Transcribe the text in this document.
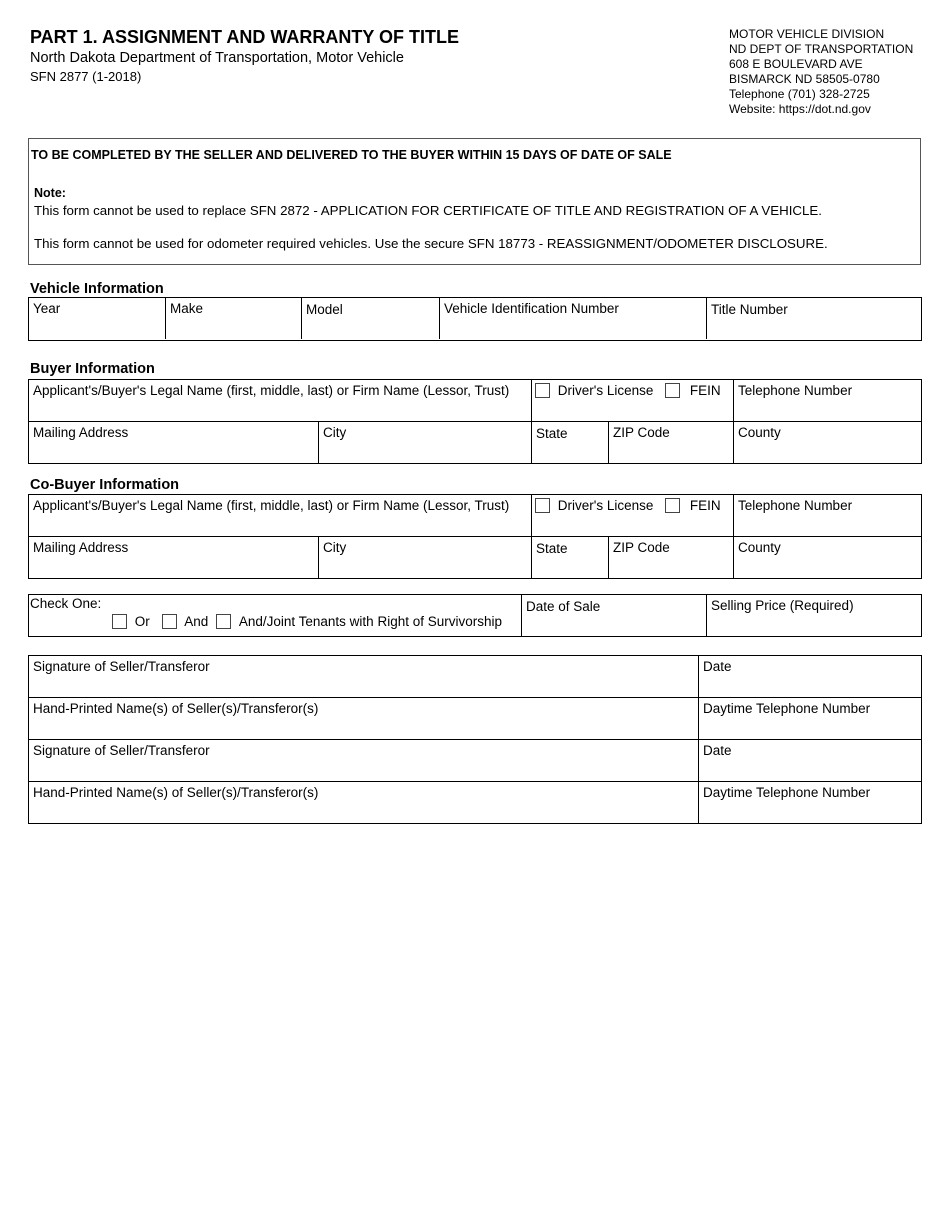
PART 1. ASSIGNMENT AND WARRANTY OF TITLE
North Dakota Department of Transportation, Motor Vehicle
SFN 2877 (1-2018)
MOTOR VEHICLE DIVISION
ND DEPT OF TRANSPORTATION
608 E BOULEVARD AVE
BISMARCK ND 58505-0780
Telephone (701) 328-2725
Website: https://dot.nd.gov
TO BE COMPLETED BY THE SELLER AND DELIVERED TO THE BUYER WITHIN 15 DAYS OF DATE OF SALE
Note:
This form cannot be used to replace SFN 2872 - APPLICATION FOR CERTIFICATE OF TITLE AND REGISTRATION OF A VEHICLE.
This form cannot be used for odometer required vehicles. Use the secure SFN 18773 - REASSIGNMENT/ODOMETER DISCLOSURE.
Vehicle Information
Year	Make	Model	Vehicle Identification Number	Title Number
Buyer Information
Applicant's/Buyer's Legal Name (first, middle, last) or Firm Name (Lessor, Trust)	Driver's License	FEIN	Telephone Number
Mailing Address	City	State	ZIP Code	County
Co-Buyer Information
Applicant's/Buyer's Legal Name (first, middle, last) or Firm Name (Lessor, Trust)	Driver's License	FEIN	Telephone Number
Mailing Address	City	State	ZIP Code	County
Check One:
Or	And And/Joint Tenants with Right of Survivorship
Date of Sale	Selling Price (Required)
Signature of Seller/Transferor	Date
Hand-Printed Name(s) of Seller(s)/Transferor(s)	Daytime Telephone Number
Signature of Seller/Transferor	Date
Hand-Printed Name(s) of Seller(s)/Transferor(s)	Daytime Telephone Number
